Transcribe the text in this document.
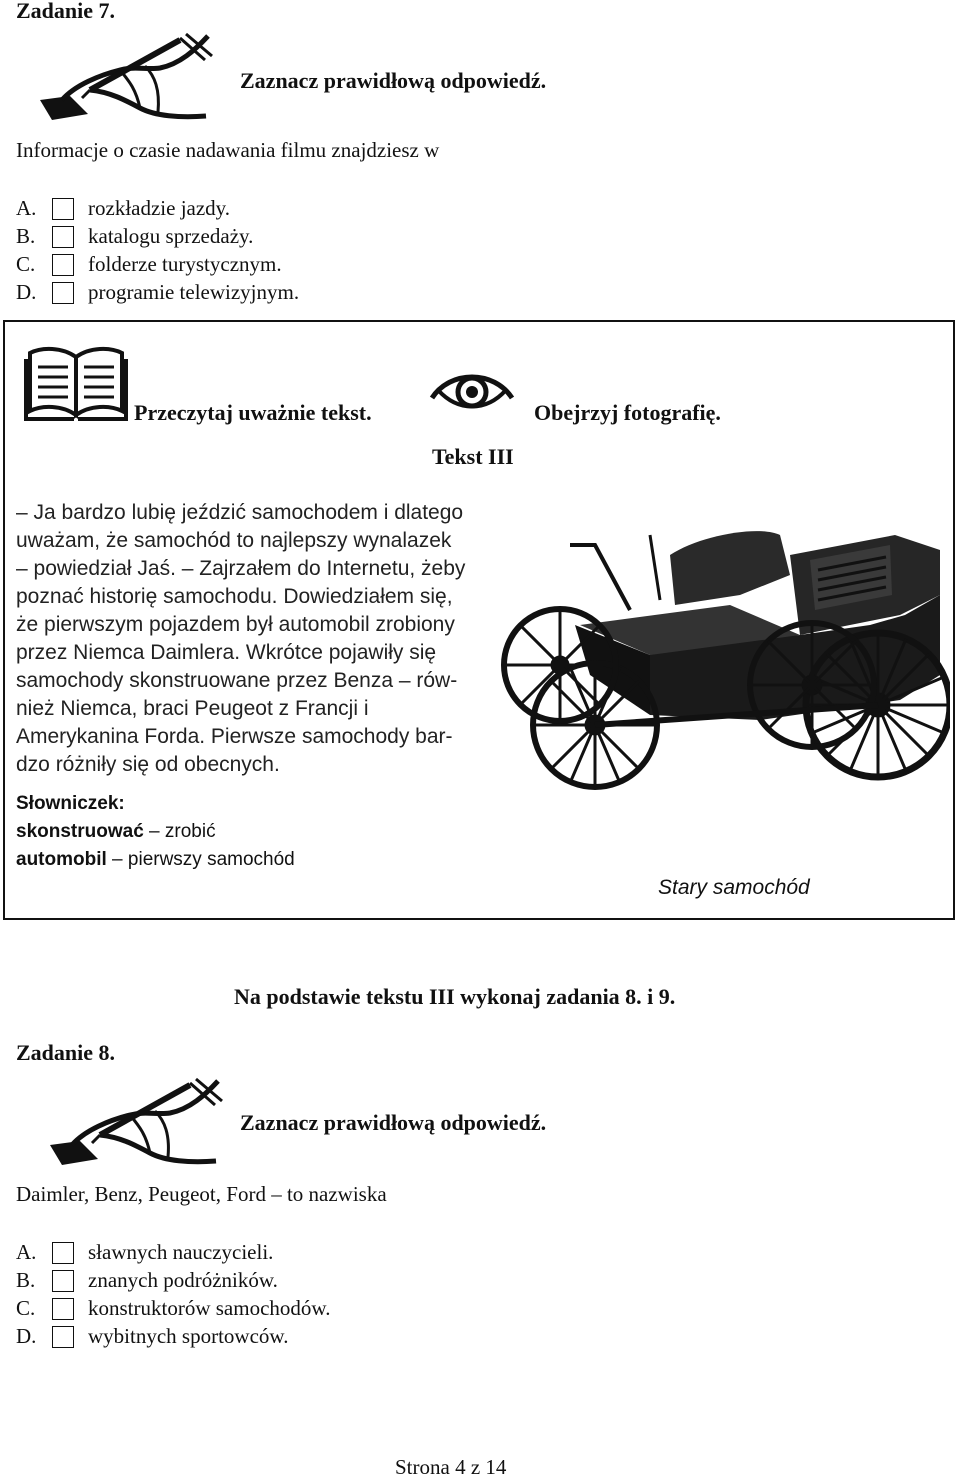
Zadanie 7.
Zaznacz prawidłową odpowiedź.
Informacje o czasie nadawania filmu znajdziesz w
A.	rozkładzie jazdy.
B.	katalogu sprzedaży.
C.	folderze turystycznym.
D.	programie telewizyjnym.
Przeczytaj uważnie tekst.
Tekst III
Obejrzyj fotografię.
– Ja bardzo lubię jeździć samochodem i dlatego
uważam, że samochód to najlepszy wynalazek
– powiedział Jaś. – Zajrzałem do Internetu, żeby
poznać historię samochodu. Dowiedziałem się,
że pierwszym pojazdem był automobil zrobiony
przez Niemca Daimlera. Wkrótce pojawiły się
samochody skonstruowane przez Benza – rów-
nież Niemca, braci Peugeot z Francji i
Amerykanina Forda. Pierwsze samochody bar-
dzo różniły się od obecnych.
Słowniczek:
skonstruować – zrobić
automobil – pierwszy samochód
Stary samochód
Na podstawie tekstu III wykonaj zadania 8. i 9.
Zadanie 8.
Zaznacz prawidłową odpowiedź.
Daimler, Benz, Peugeot, Ford – to nazwiska
A.	sławnych nauczycieli.
B.	znanych podróżników.
C.	konstruktorów samochodów.
D.	wybitnych sportowców.
Strona 4 z 14
